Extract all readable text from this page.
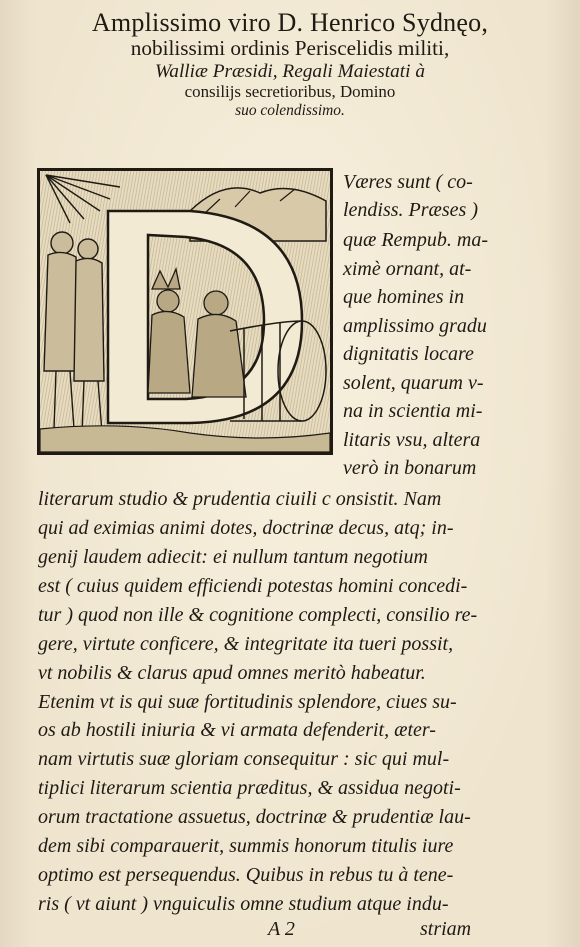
Amplissimo viro D. Henrico Sydnęo,
nobilissimi ordinis Periscelidis militi,
Walliæ Præsidi, Regali Maiestati à
consilijs secretioribus, Domino
suo colendissimo.
Væres sunt ( co-
lendiss. Præses )
quæ Rempub. ma-
ximè ornant, at-
que homines in
amplissimo gradu
dignitatis locare
solent, quarum v-
na in scientia mi-
litaris vsu, altera
verò in bonarum
literarum studio & prudentia ciuili c onsistit. Nam
qui ad eximias animi dotes, doctrinæ decus, atq; in-
genij laudem adiecit: ei nullum tantum negotium
est ( cuius quidem efficiendi potestas homini concedi-
tur ) quod non ille & cognitione complecti, consilio re-
gere, virtute conficere, & integritate ita tueri possit,
vt nobilis & clarus apud omnes meritò habeatur.
Etenim vt is qui suæ fortitudinis splendore, ciues su-
os ab hostili iniuria & vi armata defenderit, æter-
nam virtutis suæ gloriam consequitur : sic qui mul-
tiplici literarum scientia præditus, & assidua negoti-
orum tractatione assuetus, doctrinæ & prudentiæ lau-
dem sibi comparauerit, summis honorum titulis iure
optimo est persequendus. Quibus in rebus tu à tene-
ris ( vt aiunt ) vnguiculis omne studium atque indu-
A 2	striam
